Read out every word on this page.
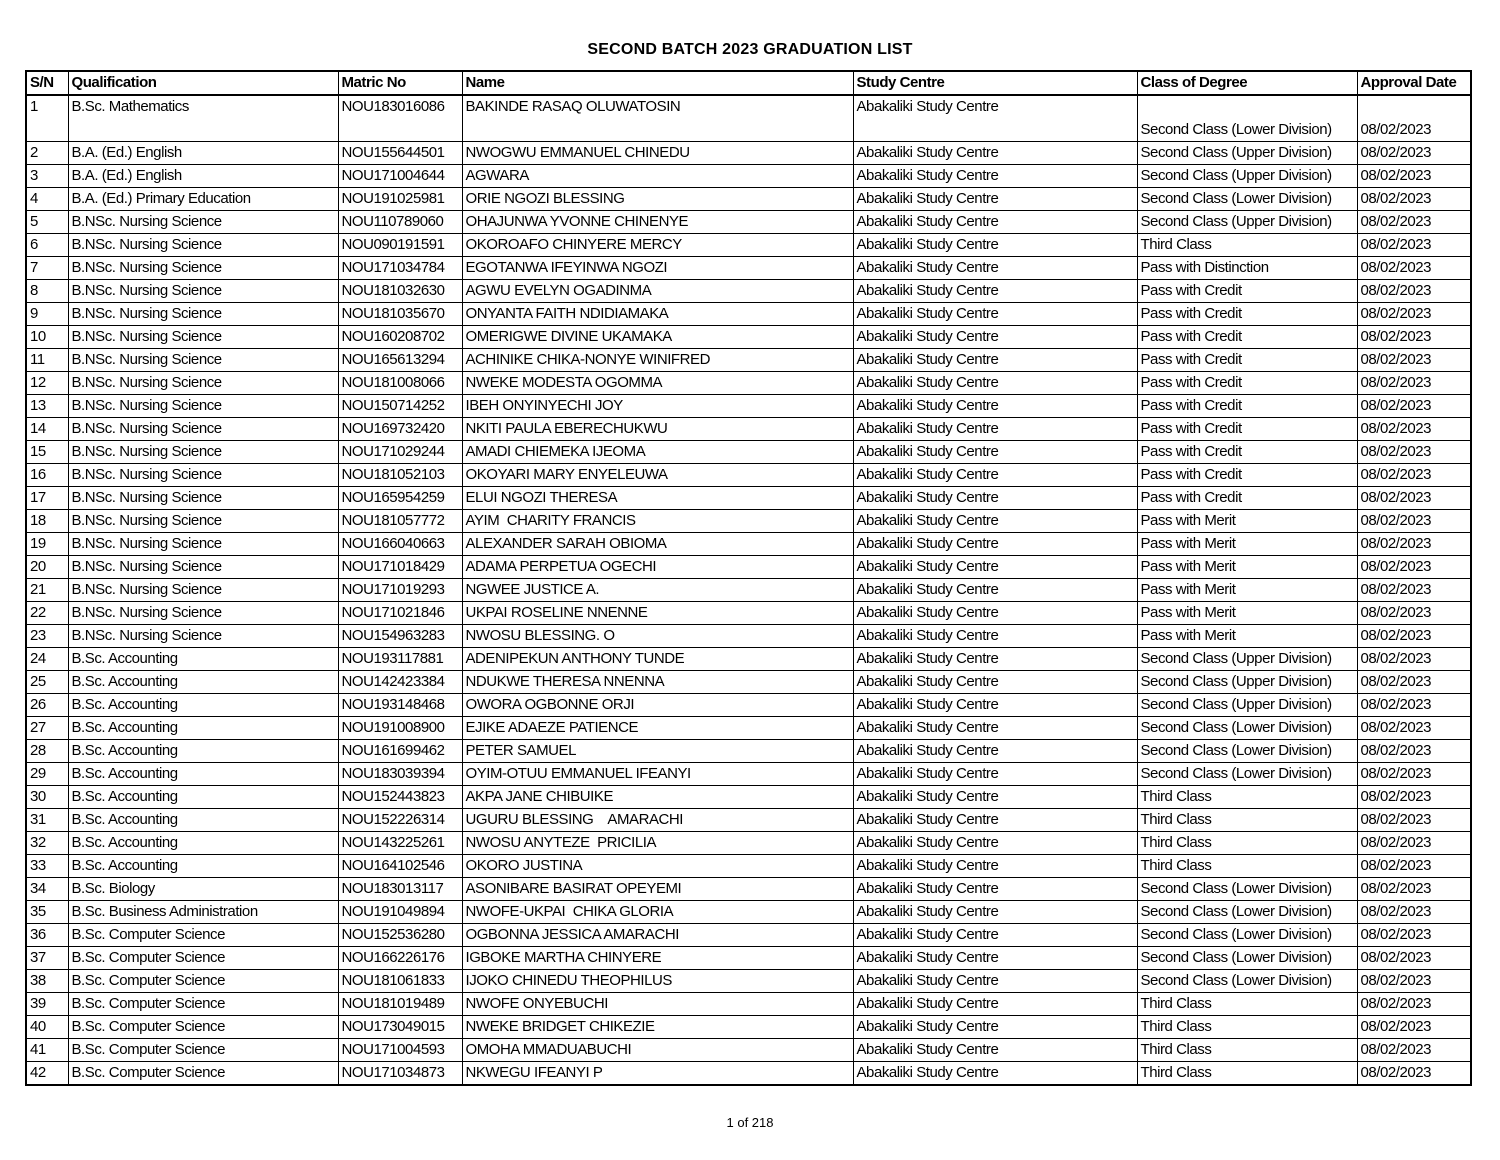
SECOND BATCH 2023 GRADUATION LIST
S/N	Qualification	Matric No	Name	Study Centre	Class of Degree	Approval Date
1	B.Sc. Mathematics	NOU183016086	BAKINDE RASAQ OLUWATOSIN	Abakaliki Study Centre	Second Class (Lower Division)	08/02/2023
2	B.A. (Ed.) English	NOU155644501	NWOGWU EMMANUEL CHINEDU	Abakaliki Study Centre	Second Class (Upper Division)	08/02/2023
3	B.A. (Ed.) English	NOU171004644	AGWARA	Abakaliki Study Centre	Second Class (Upper Division)	08/02/2023
4	B.A. (Ed.) Primary Education	NOU191025981	ORIE NGOZI BLESSING	Abakaliki Study Centre	Second Class (Lower Division)	08/02/2023
5	B.NSc. Nursing Science	NOU110789060	OHAJUNWA YVONNE CHINENYE	Abakaliki Study Centre	Second Class (Upper Division)	08/02/2023
6	B.NSc. Nursing Science	NOU090191591	OKOROAFO CHINYERE MERCY	Abakaliki Study Centre	Third Class	08/02/2023
7	B.NSc. Nursing Science	NOU171034784	EGOTANWA IFEYINWA NGOZI	Abakaliki Study Centre	Pass with Distinction	08/02/2023
8	B.NSc. Nursing Science	NOU181032630	AGWU EVELYN OGADINMA	Abakaliki Study Centre	Pass with Credit	08/02/2023
9	B.NSc. Nursing Science	NOU181035670	ONYANTA FAITH NDIDIAMAKA	Abakaliki Study Centre	Pass with Credit	08/02/2023
10	B.NSc. Nursing Science	NOU160208702	OMERIGWE DIVINE UKAMAKA	Abakaliki Study Centre	Pass with Credit	08/02/2023
11	B.NSc. Nursing Science	NOU165613294	ACHINIKE CHIKA-NONYE WINIFRED	Abakaliki Study Centre	Pass with Credit	08/02/2023
12	B.NSc. Nursing Science	NOU181008066	NWEKE MODESTA OGOMMA	Abakaliki Study Centre	Pass with Credit	08/02/2023
13	B.NSc. Nursing Science	NOU150714252	IBEH ONYINYECHI JOY	Abakaliki Study Centre	Pass with Credit	08/02/2023
14	B.NSc. Nursing Science	NOU169732420	NKITI PAULA EBERECHUKWU	Abakaliki Study Centre	Pass with Credit	08/02/2023
15	B.NSc. Nursing Science	NOU171029244	AMADI CHIEMEKA IJEOMA	Abakaliki Study Centre	Pass with Credit	08/02/2023
16	B.NSc. Nursing Science	NOU181052103	OKOYARI MARY ENYELEUWA	Abakaliki Study Centre	Pass with Credit	08/02/2023
17	B.NSc. Nursing Science	NOU165954259	ELUI NGOZI THERESA	Abakaliki Study Centre	Pass with Credit	08/02/2023
18	B.NSc. Nursing Science	NOU181057772	AYIM  CHARITY FRANCIS	Abakaliki Study Centre	Pass with Merit	08/02/2023
19	B.NSc. Nursing Science	NOU166040663	ALEXANDER SARAH OBIOMA	Abakaliki Study Centre	Pass with Merit	08/02/2023
20	B.NSc. Nursing Science	NOU171018429	ADAMA PERPETUA OGECHI	Abakaliki Study Centre	Pass with Merit	08/02/2023
21	B.NSc. Nursing Science	NOU171019293	NGWEE JUSTICE A.	Abakaliki Study Centre	Pass with Merit	08/02/2023
22	B.NSc. Nursing Science	NOU171021846	UKPAI ROSELINE NNENNE	Abakaliki Study Centre	Pass with Merit	08/02/2023
23	B.NSc. Nursing Science	NOU154963283	NWOSU BLESSING. O	Abakaliki Study Centre	Pass with Merit	08/02/2023
24	B.Sc. Accounting	NOU193117881	ADENIPEKUN ANTHONY TUNDE	Abakaliki Study Centre	Second Class (Upper Division)	08/02/2023
25	B.Sc. Accounting	NOU142423384	NDUKWE THERESA NNENNA	Abakaliki Study Centre	Second Class (Upper Division)	08/02/2023
26	B.Sc. Accounting	NOU193148468	OWORA OGBONNE ORJI	Abakaliki Study Centre	Second Class (Upper Division)	08/02/2023
27	B.Sc. Accounting	NOU191008900	EJIKE ADAEZE PATIENCE	Abakaliki Study Centre	Second Class (Lower Division)	08/02/2023
28	B.Sc. Accounting	NOU161699462	PETER SAMUEL	Abakaliki Study Centre	Second Class (Lower Division)	08/02/2023
29	B.Sc. Accounting	NOU183039394	OYIM-OTUU EMMANUEL IFEANYI	Abakaliki Study Centre	Second Class (Lower Division)	08/02/2023
30	B.Sc. Accounting	NOU152443823	AKPA JANE CHIBUIKE	Abakaliki Study Centre	Third Class	08/02/2023
31	B.Sc. Accounting	NOU152226314	UGURU BLESSING    AMARACHI	Abakaliki Study Centre	Third Class	08/02/2023
32	B.Sc. Accounting	NOU143225261	NWOSU ANYTEZE  PRICILIA	Abakaliki Study Centre	Third Class	08/02/2023
33	B.Sc. Accounting	NOU164102546	OKORO JUSTINA	Abakaliki Study Centre	Third Class	08/02/2023
34	B.Sc. Biology	NOU183013117	ASONIBARE BASIRAT OPEYEMI	Abakaliki Study Centre	Second Class (Lower Division)	08/02/2023
35	B.Sc. Business Administration	NOU191049894	NWOFE-UKPAI  CHIKA GLORIA	Abakaliki Study Centre	Second Class (Lower Division)	08/02/2023
36	B.Sc. Computer Science	NOU152536280	OGBONNA JESSICA AMARACHI	Abakaliki Study Centre	Second Class (Lower Division)	08/02/2023
37	B.Sc. Computer Science	NOU166226176	IGBOKE MARTHA CHINYERE	Abakaliki Study Centre	Second Class (Lower Division)	08/02/2023
38	B.Sc. Computer Science	NOU181061833	IJOKO CHINEDU THEOPHILUS	Abakaliki Study Centre	Second Class (Lower Division)	08/02/2023
39	B.Sc. Computer Science	NOU181019489	NWOFE ONYEBUCHI	Abakaliki Study Centre	Third Class	08/02/2023
40	B.Sc. Computer Science	NOU173049015	NWEKE BRIDGET CHIKEZIE	Abakaliki Study Centre	Third Class	08/02/2023
41	B.Sc. Computer Science	NOU171004593	OMOHA MMADUABUCHI	Abakaliki Study Centre	Third Class	08/02/2023
42	B.Sc. Computer Science	NOU171034873	NKWEGU IFEANYI P	Abakaliki Study Centre	Third Class	08/02/2023
1 of 218
